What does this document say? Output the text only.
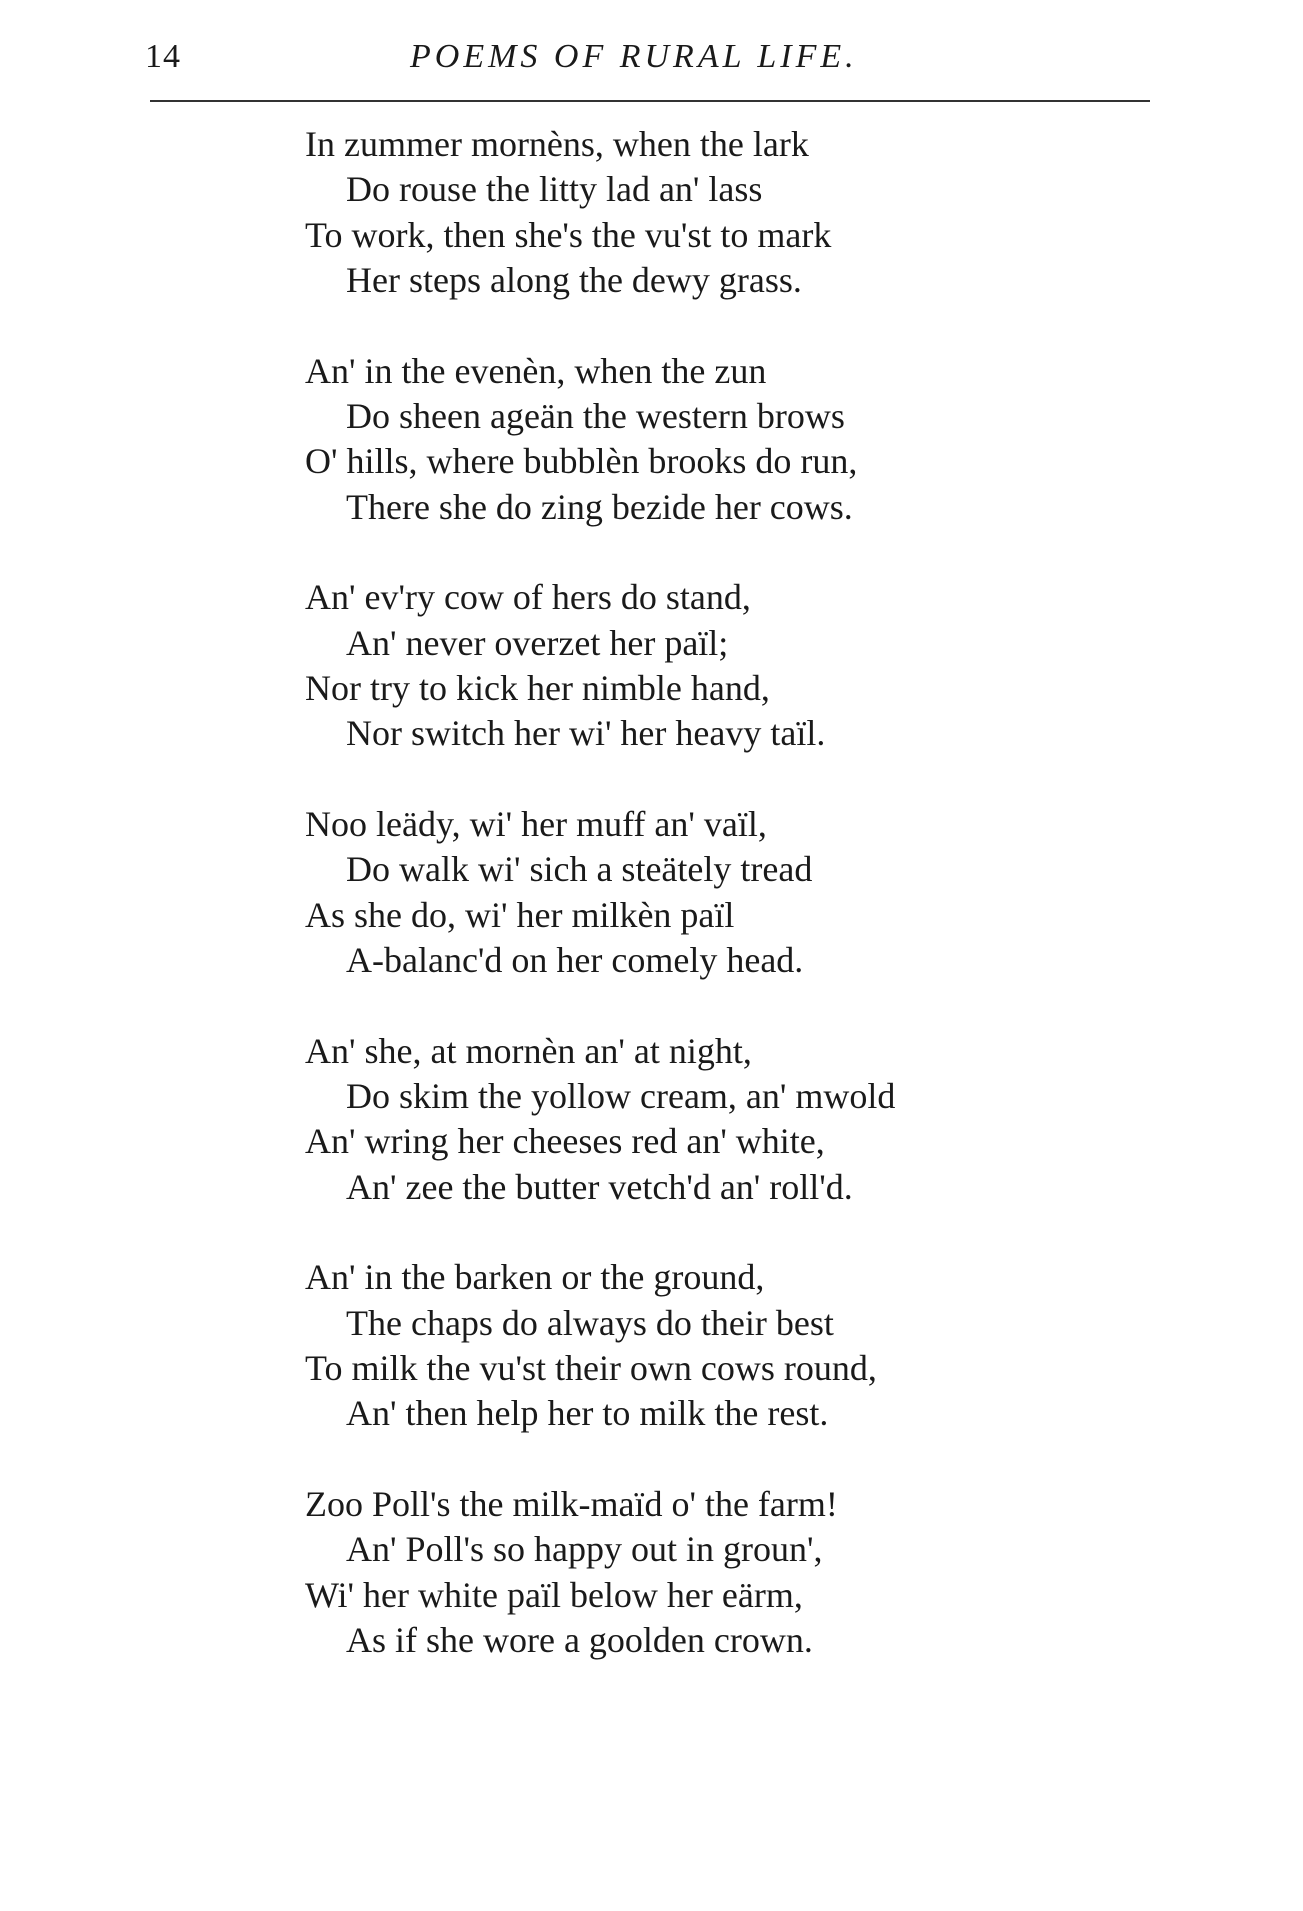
14	POEMS OF RURAL LIFE.
In zummer mornèns, when the lark
Do rouse the litty lad an' lass
To work, then she's the vu'st to mark
Her steps along the dewy grass.
An' in the evenèn, when the zun
Do sheen ageän the western brows
O' hills, where bubblèn brooks do run,
There she do zing bezide her cows.
An' ev'ry cow of hers do stand,
An' never overzet her païl;
Nor try to kick her nimble hand,
Nor switch her wi' her heavy taïl.
Noo leädy, wi' her muff an' vaïl,
Do walk wi' sich a steätely tread
As she do, wi' her milkèn païl
A-balanc'd on her comely head.
An' she, at mornèn an' at night,
Do skim the yollow cream, an' mwold
An' wring her cheeses red an' white,
An' zee the butter vetch'd an' roll'd.
An' in the barken or the ground,
The chaps do always do their best
To milk the vu'st their own cows round,
An' then help her to milk the rest.
Zoo Poll's the milk-maïd o' the farm!
An' Poll's so happy out in groun',
Wi' her white païl below her eärm,
As if she wore a goolden crown.
